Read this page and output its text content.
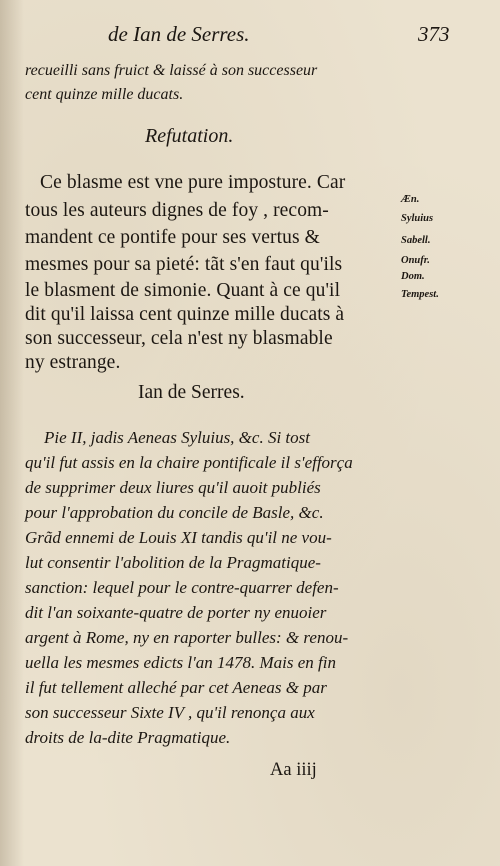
de Ian de Serres.	373
recueilli sans fruict & laissé à son successeur
cent quinze mille ducats.
Refutation.
Ce blasme est vne pure imposture. Car
tous les auteurs dignes de foy , recom-
mandent ce pontife pour ses vertus &
mesmes pour sa pieté: tãt s'en faut qu'ils
le blasment de simonie. Quant à ce qu'il
dit qu'il laissa cent quinze mille ducats à
son successeur, cela n'est ny blasmable
ny estrange.
Æn.
Syluius
Sabell.
Onufr.
Dom.
Tempest.
Ian de Serres.
Pie II, jadis Aeneas Syluius, &c. Si tost
qu'il fut assis en la chaire pontificale il s'efforça
de supprimer deux liures qu'il auoit publiés
pour l'approbation du concile de Basle, &c.
Grãd ennemi de Louis XI tandis qu'il ne vou-
lut consentir l'abolition de la Pragmatique-
sanction: lequel pour le contre-quarrer defen-
dit l'an soixante-quatre de porter ny enuoier
argent à Rome, ny en raporter bulles: & renou-
uella les mesmes edicts l'an 1478. Mais en fin
il fut tellement alleché par cet Aeneas & par
son successeur Sixte IV , qu'il renonça aux
droits de la-dite Pragmatique.
Aa iiij
